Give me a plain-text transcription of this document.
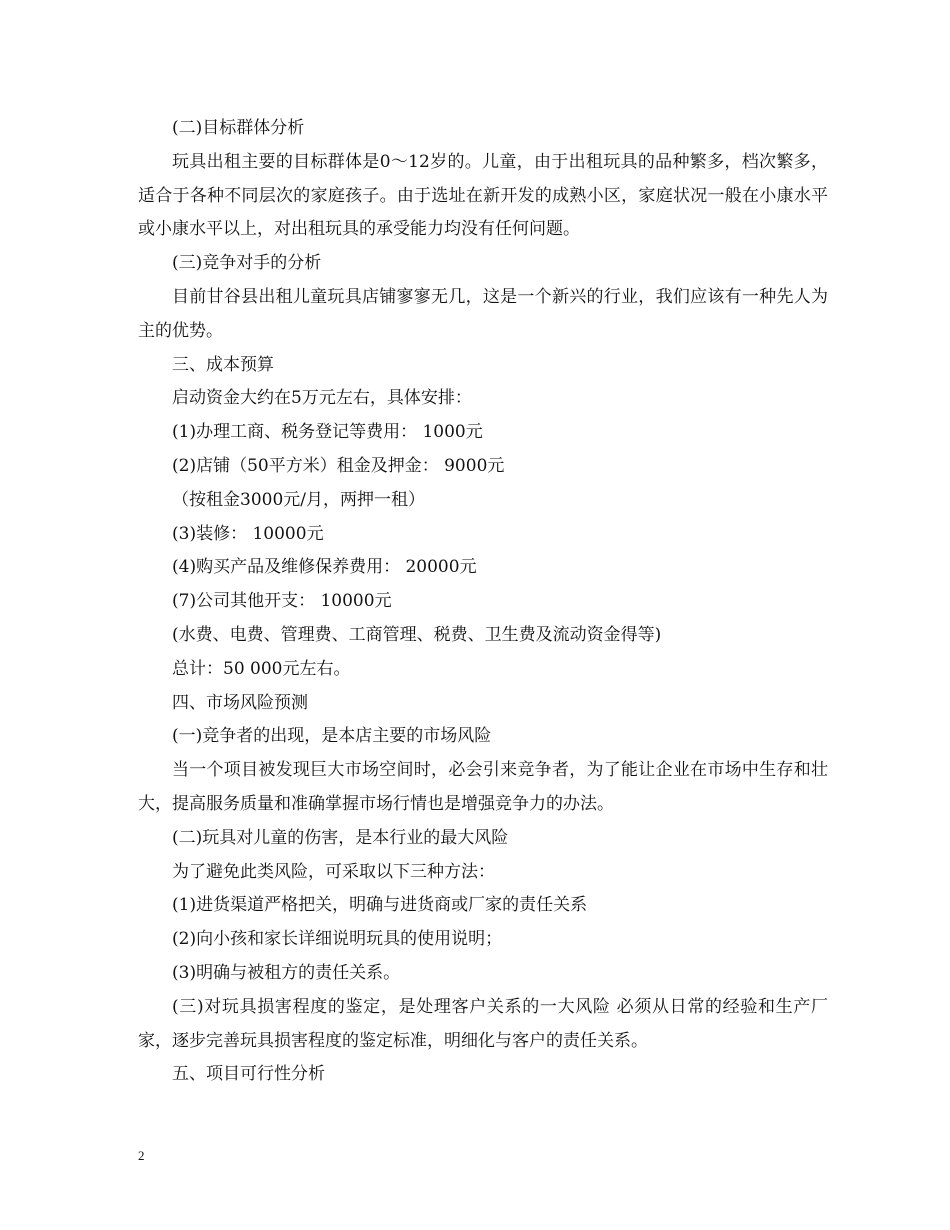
(二)目标群体分析

玩具出租主要的目标群体是0～12岁的。儿童，由于出租玩具的品种繁多，档次繁多，适合于各种不同层次的家庭孩子。由于选址在新开发的成熟小区，家庭状况一般在小康水平或小康水平以上，对出租玩具的承受能力均没有任何问题。

(三)竞争对手的分析

目前甘谷县出租儿童玩具店铺寥寥无几，这是一个新兴的行业，我们应该有一种先人为主的优势。

三、成本预算

启动资金大约在5万元左右，具体安排：

(1)办理工商、税务登记等费用： 1000元

(2)店铺（50平方米）租金及押金： 9000元

（按租金3000元/月，两押一租）

(3)装修： 10000元

(4)购买产品及维修保养费用： 20000元

(7)公司其他开支： 10000元

(水费、电费、管理费、工商管理、税费、卫生费及流动资金得等)

总计：50 000元左右。

四、市场风险预测

(一)竞争者的出现，是本店主要的市场风险

当一个项目被发现巨大市场空间时，必会引来竞争者，为了能让企业在市场中生存和壮大，提高服务质量和准确掌握市场行情也是增强竞争力的办法。

(二)玩具对儿童的伤害，是本行业的最大风险

为了避免此类风险，可采取以下三种方法：

(1)进货渠道严格把关，明确与进货商或厂家的责任关系

(2)向小孩和家长详细说明玩具的使用说明；

(3)明确与被租方的责任关系。

(三)对玩具损害程度的鉴定，是处理客户关系的一大风险 必须从日常的经验和生产厂家，逐步完善玩具损害程度的鉴定标准，明细化与客户的责任关系。

五、项目可行性分析

2
